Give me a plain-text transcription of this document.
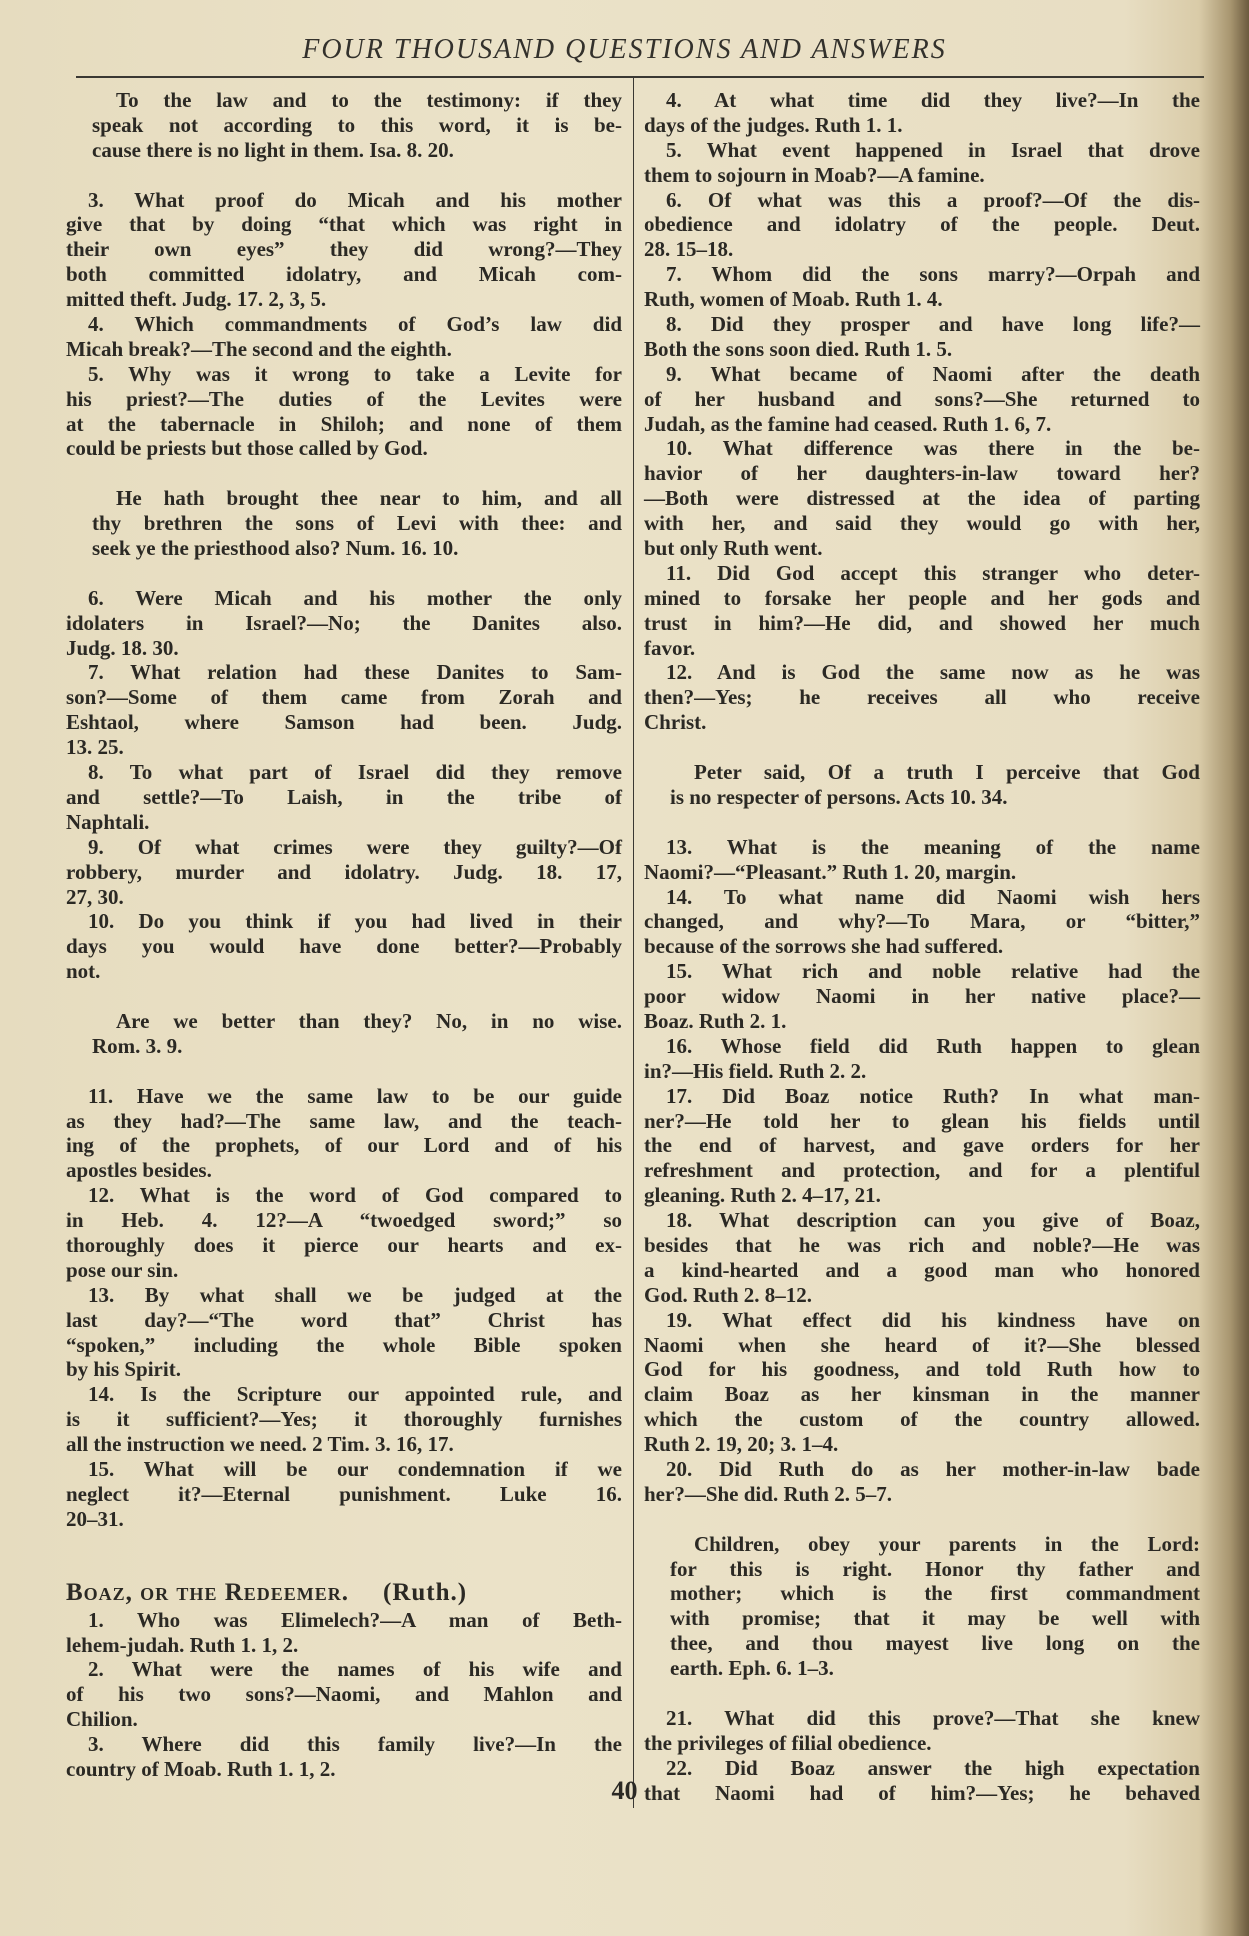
FOUR THOUSAND QUESTIONS AND ANSWERS
To the law and to the testimony: if they
speak not according to this word, it is be-
cause there is no light in them. Isa. 8. 20.
3. What proof do Micah and his mother
give that by doing “that which was right in
their own eyes” they did wrong?—They
both committed idolatry, and Micah com-
mitted theft. Judg. 17. 2, 3, 5.
4. Which commandments of God’s law did
Micah break?—The second and the eighth.
5. Why was it wrong to take a Levite for
his priest?—The duties of the Levites were
at the tabernacle in Shiloh; and none of them
could be priests but those called by God.
He hath brought thee near to him, and all
thy brethren the sons of Levi with thee: and
seek ye the priesthood also? Num. 16. 10.
6. Were Micah and his mother the only
idolaters in Israel?—No; the Danites also.
Judg. 18. 30.
7. What relation had these Danites to Sam-
son?—Some of them came from Zorah and
Eshtaol, where Samson had been. Judg.
13. 25.
8. To what part of Israel did they remove
and settle?—To Laish, in the tribe of
Naphtali.
9. Of what crimes were they guilty?—Of
robbery, murder and idolatry. Judg. 18. 17,
27, 30.
10. Do you think if you had lived in their
days you would have done better?—Probably
not.
Are we better than they? No, in no wise.
Rom. 3. 9.
11. Have we the same law to be our guide
as they had?—The same law, and the teach-
ing of the prophets, of our Lord and of his
apostles besides.
12. What is the word of God compared to
in Heb. 4. 12?—A “twoedged sword;” so
thoroughly does it pierce our hearts and ex-
pose our sin.
13. By what shall we be judged at the
last day?—“The word that” Christ has
“spoken,” including the whole Bible spoken
by his Spirit.
14. Is the Scripture our appointed rule, and
is it sufficient?—Yes; it thoroughly furnishes
all the instruction we need. 2 Tim. 3. 16, 17.
15. What will be our condemnation if we
neglect it?—Eternal punishment. Luke 16.
20–31.
Boaz, or the Redeemer. (Ruth.)
1. Who was Elimelech?—A man of Beth-
lehem-judah. Ruth 1. 1, 2.
2. What were the names of his wife and
of his two sons?—Naomi, and Mahlon and
Chilion.
3. Where did this family live?—In the
country of Moab. Ruth 1. 1, 2.
4. At what time did they live?—In the
days of the judges. Ruth 1. 1.
5. What event happened in Israel that drove
them to sojourn in Moab?—A famine.
6. Of what was this a proof?—Of the dis-
obedience and idolatry of the people. Deut.
28. 15–18.
7. Whom did the sons marry?—Orpah and
Ruth, women of Moab. Ruth 1. 4.
8. Did they prosper and have long life?—
Both the sons soon died. Ruth 1. 5.
9. What became of Naomi after the death
of her husband and sons?—She returned to
Judah, as the famine had ceased. Ruth 1. 6, 7.
10. What difference was there in the be-
havior of her daughters-in-law toward her?
—Both were distressed at the idea of parting
with her, and said they would go with her,
but only Ruth went.
11. Did God accept this stranger who deter-
mined to forsake her people and her gods and
trust in him?—He did, and showed her much
favor.
12. And is God the same now as he was
then?—Yes; he receives all who receive
Christ.
Peter said, Of a truth I perceive that God
is no respecter of persons. Acts 10. 34.
13. What is the meaning of the name
Naomi?—“Pleasant.” Ruth 1. 20, margin.
14. To what name did Naomi wish hers
changed, and why?—To Mara, or “bitter,”
because of the sorrows she had suffered.
15. What rich and noble relative had the
poor widow Naomi in her native place?—
Boaz. Ruth 2. 1.
16. Whose field did Ruth happen to glean
in?—His field. Ruth 2. 2.
17. Did Boaz notice Ruth? In what man-
ner?—He told her to glean his fields until
the end of harvest, and gave orders for her
refreshment and protection, and for a plentiful
gleaning. Ruth 2. 4–17, 21.
18. What description can you give of Boaz,
besides that he was rich and noble?—He was
a kind-hearted and a good man who honored
God. Ruth 2. 8–12.
19. What effect did his kindness have on
Naomi when she heard of it?—She blessed
God for his goodness, and told Ruth how to
claim Boaz as her kinsman in the manner
which the custom of the country allowed.
Ruth 2. 19, 20; 3. 1–4.
20. Did Ruth do as her mother-in-law bade
her?—She did. Ruth 2. 5–7.
Children, obey your parents in the Lord:
for this is right. Honor thy father and
mother; which is the first commandment
with promise; that it may be well with
thee, and thou mayest live long on the
earth. Eph. 6. 1–3.
21. What did this prove?—That she knew
the privileges of filial obedience.
22. Did Boaz answer the high expectation
that Naomi had of him?—Yes; he behaved
40
